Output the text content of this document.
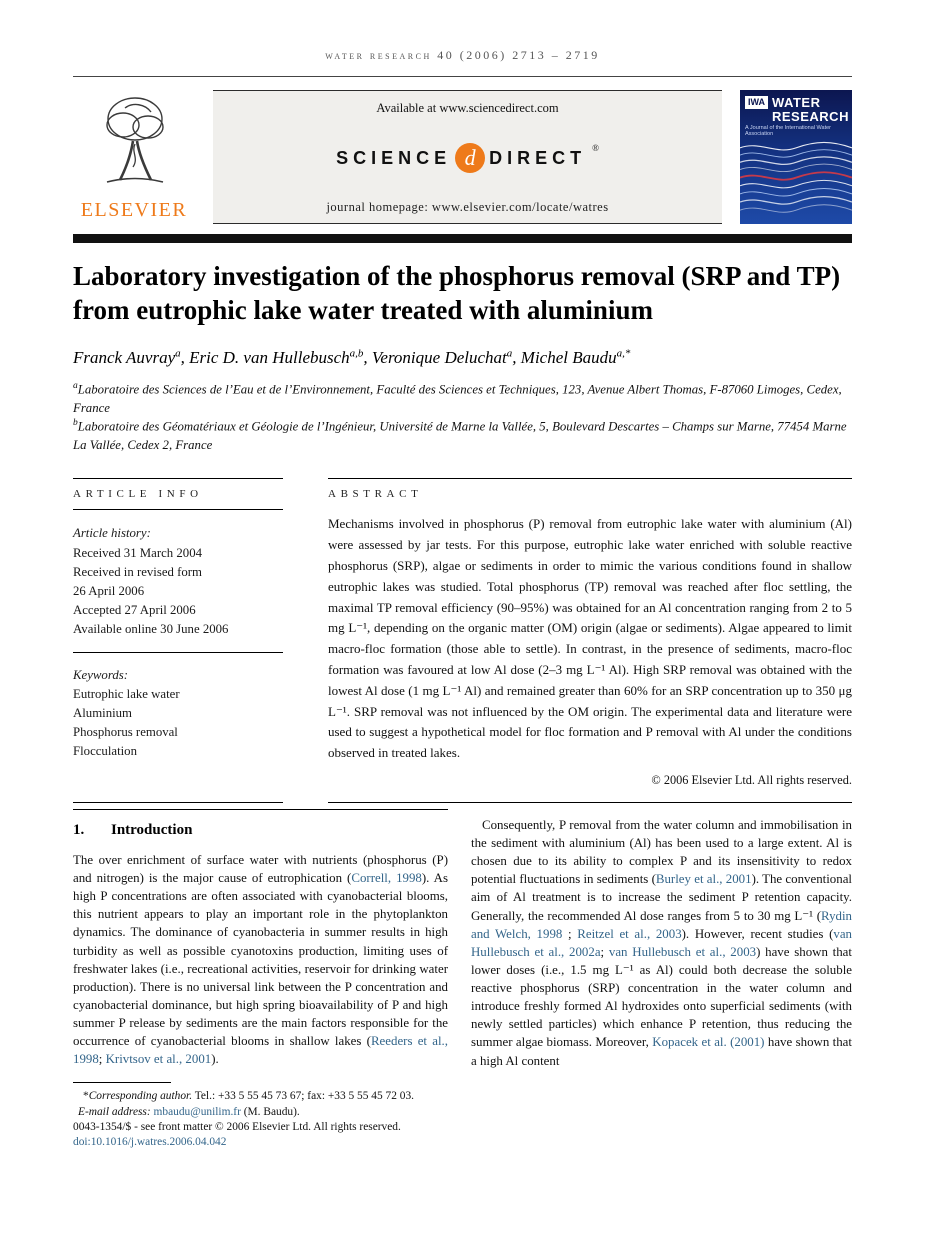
water research 40 (2006) 2713 – 2719
ELSEVIER
Available at www.sciencedirect.com
SCIENCE d DIRECT ®
journal homepage: www.elsevier.com/locate/watres
IWA WATER
RESEARCH
A Journal of the International Water Association
Laboratory investigation of the phosphorus removal (SRP and TP) from eutrophic lake water treated with aluminium
Franck Auvray$^a$, Eric D. van Hullebusch$^{a,b}$, Veronique Deluchat$^a$, Michel Baudu$^{a,*}$
$^a$Laboratoire des Sciences de l’Eau et de l’Environnement, Faculté des Sciences et Techniques, 123, Avenue Albert Thomas, F-87060 Limoges, Cedex, France
$^b$Laboratoire des Géomatériaux et Géologie de l’Ingénieur, Université de Marne la Vallée, 5, Boulevard Descartes – Champs sur Marne, 77454 Marne La Vallée, Cedex 2, France
ARTICLE INFO
Article history:
Received 31 March 2004
Received in revised form
26 April 2006
Accepted 27 April 2006
Available online 30 June 2006
Keywords:
Eutrophic lake water
Aluminium
Phosphorus removal
Flocculation
ABSTRACT
Mechanisms involved in phosphorus (P) removal from eutrophic lake water with aluminium (Al) were assessed by jar tests. For this purpose, eutrophic lake water enriched with soluble reactive phosphorus (SRP), algae or sediments in order to mimic the various conditions found in shallow eutrophic lakes was studied. Total phosphorus (TP) removal was reached after floc settling, the maximal TP removal efficiency (90–95%) was obtained for an Al concentration ranging from 2 to 5 mg L⁻¹, depending on the organic matter (OM) origin (algae or sediments). Algae appeared to limit macro-floc formation (those able to settle). In contrast, in the presence of sediments, macro-floc formation was favoured at low Al dose (2–3 mg L⁻¹ Al). High SRP removal was obtained with the lowest Al dose (1 mg L⁻¹ Al) and remained greater than 60% for an SRP concentration up to 350 μg L⁻¹. SRP removal was not influenced by the OM origin. The experimental data and literature were used to suggest a hypothetical model for floc formation and P removal with Al under the conditions observed in treated lakes.
© 2006 Elsevier Ltd. All rights reserved.
1. Introduction

The over enrichment of surface water with nutrients (phosphorus (P) and nitrogen) is the major cause of eutrophication (Correll, 1998). As high P concentrations are often associated with cyanobacterial blooms, this nutrient appears to play an important role in the phytoplankton dynamics. The dominance of cyanobacteria in summer results in high turbidity as well as possible cyanotoxins production, limiting uses of freshwater lakes (i.e., recreational activities, reservoir for drinking water production). There is no universal link between the P concentration and cyanobacterial dominance, but high spring bioavailability of P and high summer P release by sediments are the main factors responsible for the occurrence of cyanobacterial blooms in shallow lakes (Reeders et al., 1998; Krivtsov et al., 2001).

*Corresponding author. Tel.: +33 5 55 45 73 67; fax: +33 5 55 45 72 03.
E-mail address: mbaudu@unilim.fr (M. Baudu).
0043-1354/$ - see front matter © 2006 Elsevier Ltd. All rights reserved.
doi:10.1016/j.watres.2006.04.042

Consequently, P removal from the water column and immobilisation in the sediment with aluminium (Al) has been used to a large extent. Al is chosen due to its ability to complex P and its insensitivity to redox potential fluctuations in sediments (Burley et al., 2001). The conventional aim of Al treatment is to increase the sediment P retention capacity. Generally, the recommended Al dose ranges from 5 to 30 mg L⁻¹ (Rydin and Welch, 1998 ; Reitzel et al., 2003). However, recent studies (van Hullebusch et al., 2002a; van Hullebusch et al., 2003) have shown that lower doses (i.e., 1.5 mg L⁻¹ as Al) could both decrease the soluble reactive phosphorus (SRP) concentration in the water column and introduce freshly formed Al hydroxides onto superficial sediments (with newly settled particles) which enhance P retention, thus reducing the summer algae biomass. Moreover, Kopacek et al. (2001) have shown that a high Al content
